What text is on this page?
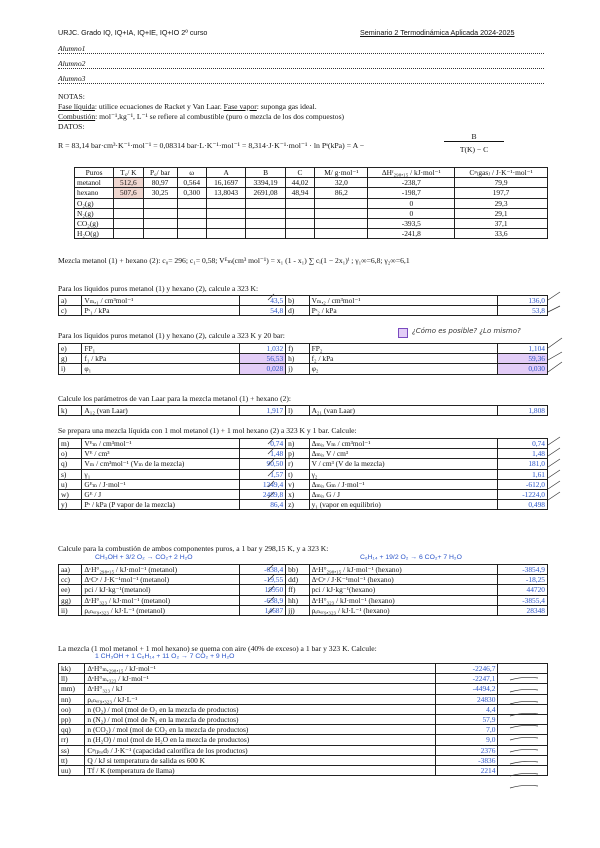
URJC. Grado IQ, IQ+IA, IQ+IE, IQ+IO 2º curso	Seminario 2 Termodinámica Aplicada 2024-2025
Alumno1
Alumno2
Alumno3
NOTAS:
Fase líquida: utilice ecuaciones de Racket y Van Laar. Fase vapor: suponga gas ideal.
Combustión: mol⁻¹,kg⁻¹, L⁻¹ se refiere al combustible (puro o mezcla de los dos compuestos)
DATOS:
R = 83,14 bar·cm³·K⁻¹·mol⁻¹ = 0,08314 bar·L·K⁻¹·mol⁻¹ = 8,314·J·K⁻¹·mol⁻¹ · ln Pˢ(kPa) = A −
B
T(K) − C
Puros	T꜀/ K	P꜀/ bar	ω	A	B	C	M/ g·mol⁻¹	ΔHᶠ₂₉₈,₁₅ / kJ·mol⁻¹	Cᵖ₍gas₎ / J·K⁻¹·mol⁻¹
metanol	512,6	80,97	0,564	16,1697	3394,19	44,02	32,0	-238,7	79,9
hexano	507,6	30,25	0,300	13,8043	2691,08	48,94	86,2	-198,7	197,7
O₂(g)								0	29,3
N₂(g)								0	29,1
CO₂(g)								-393,5	37,1
H₂O(g)								-241,8	33,6
Mezcla metanol (1) + hexano (2): c₀= 296; c₁= 0,58; Vᴱₘ(cm³ mol⁻¹) = x₁ (1 - x₁) ∑ cᵢ(1 − 2x₁)ⁱ ; γ₁∞=6,8; γ₂∞=6,1
Para los líquidos puros metanol (1) y hexano (2), calcule a 323 K:
a)	Vₘ,₁ / cm³mol⁻¹	43,5	b)	Vₘ,₂ / cm³mol⁻¹	136,0
c)	Pˢ₁ / kPa	54,8	d)	Pˢ₂ / kPa	53,8
Para los líquidos puros metanol (1) y hexano (2), calcule a 323 K y 20 bar:	¿Cómo es posible? ¿Lo mismo?
e)	FP₁	1,032	f)	FP₂	1,104
g)	f₁ / kPa	56,53	h)	f₂ / kPa	59,36
i)	φ₁	0,028	j)	φ₂	0,030
Calcule los parámetros de van Laar para la mezcla metanol (1) + hexano (2):
k)	A₁₂ (van Laar)	1,917	l)	A₂₁ (van Laar)	1,808
Se prepara una mezcla líquida con 1 mol metanol (1) + 1 mol hexano (2) a 323 K y 1 bar. Calcule:
m)	Vᴱₘ / cm³mol⁻¹	0,74	n)	Δₘᵢₓ Vₘ / cm³mol⁻¹	0,74
o)	Vᴱ / cm³	1,48	p)	Δₘᵢₓ V / cm³	1,48
q)	Vₘ / cm³mol⁻¹ (Vₘ de la mezcla)	90,50	r)	V / cm³ (V de la mezcla)	181,0
s)	γ₁	1,57	t)	γ₂	1,61
u)	Gᴱₘ / J·mol⁻¹	1249,4	v)	Δₘᵢₓ Gₘ / J·mol⁻¹	-612,0
w)	Gᴱ / J	2489,8	x)	Δₘᵢₓ G / J	-1224,0
y)	Pˢ / kPa (P vapor de la mezcla)	86,4	z)	y₁ (vapor en equilibrio)	0,498
Calcule para la combustión de ambos componentes puros, a 1 bar y 298,15 K, y a 323 K:
CH₃OH + 3/2 O₂ → CO₂+ 2 H₂O	C₆H₁₄ + 19/2 O₂ → 6 CO₂+ 7 H₂O
aa)	ΔᶜH°₂₉₈,₁₅ / kJ·mol⁻¹ (metanol)	-638,4	bb)	ΔᶜH°₂₉₈,₁₅ / kJ·mol⁻¹ (hexano)	-3854,9
cc)	ΔᶜCᵖ / J·K⁻¹mol⁻¹ (metanol)	-19,55	dd)	ΔᶜCᵖ / J·K⁻¹mol⁻¹ (hexano)	-18,25
ee)	pci / kJ·kg⁻¹(metanol)	19950	ff)	pci / kJ·kg⁻¹(hexano)	44720
gg)	ΔᶜH°₃₂₃ / kJ·mol⁻¹ (metanol)	-638,9	hh)	ΔᶜH°₃₂₃ / kJ·mol⁻¹ (hexano)	-3855,4
ii)	ρₑₙₑᵣ₉,₃₂₃ / kJ·L⁻¹ (metanol)	14687	jj)	ρₑₙₑᵣ₉,₃₂₃ / kJ·L⁻¹ (hexano)	28348
La mezcla (1 mol metanol + 1 mol hexano) se quema con aire (40% de exceso) a 1 bar y 323 K. Calcule:
1 CH₃OH + 1 C₆H₁₄ + 11 O₂ → 7 CO₂ + 9 H₂O
kk)	ΔᶜH°ₘ,₂₉₈,₁₅ / kJ·mol⁻¹	-2246,7	
ll)	ΔᶜH°ₘ,₃₂₃ / kJ·mol⁻¹	-2247,1	
mm)	ΔᶜH°₃₂₃ / kJ	-4494,2	
nn)	ρₑₙₑᵣ₉,₃₂₃ / kJ·L⁻¹	24830	
oo)	n (O₂) / mol (mol de O₂ en la mezcla de productos)	4,4	
pp)	n (N₂) / mol (mol de N₂ en la mezcla de productos)	57,9	
qq)	n (CO₂) / mol (mol de CO₂ en la mezcla de productos)	7,0	
rr)	n (H₂O) / mol (mol de H₂O en la mezcla de productos)	9,0	
ss)	Cᵖ₍ₚᵣₒd₎ / J·K⁻¹ (capacidad calorífica de los productos)	2376	
tt)	Q / kJ si temperatura de salida es 600 K	-3836	
uu)	Tf / K (temperatura de llama)	2214	
